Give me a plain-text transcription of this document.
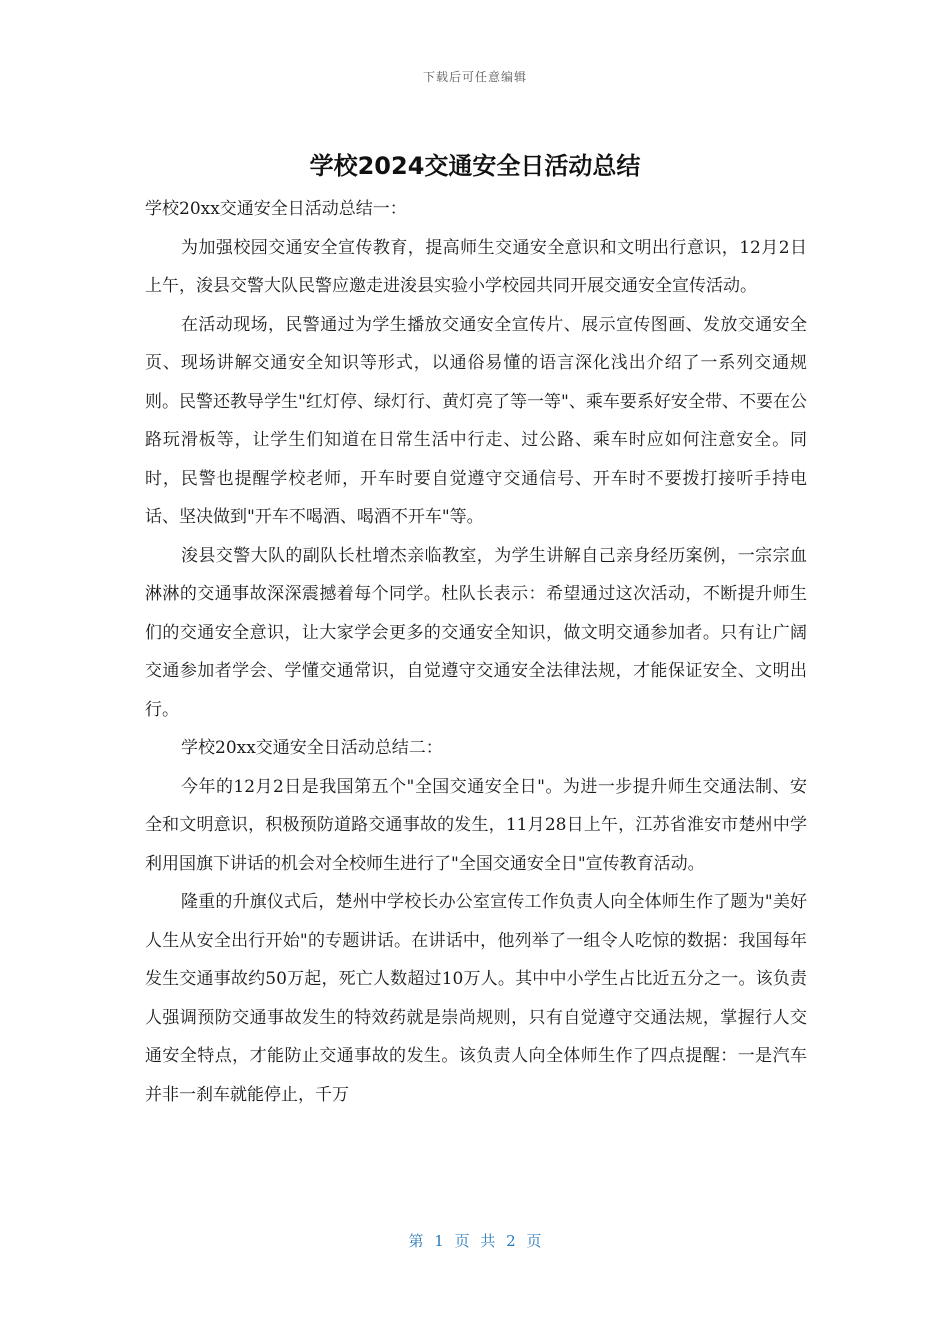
下载后可任意编辑
学校2024交通安全日活动总结

学校20xx交通安全日活动总结一：

为加强校园交通安全宣传教育，提高师生交通安全意识和文明出行意识，12月2日上午，浚县交警大队民警应邀走进浚县实验小学校园共同开展交通安全宣传活动。

在活动现场，民警通过为学生播放交通安全宣传片、展示宣传图画、发放交通安全页、现场讲解交通安全知识等形式，以通俗易懂的语言深化浅出介绍了一系列交通规则。民警还教导学生"红灯停、绿灯行、黄灯亮了等一等"、乘车要系好安全带、不要在公路玩滑板等，让学生们知道在日常生活中行走、过公路、乘车时应如何注意安全。同时，民警也提醒学校老师，开车时要自觉遵守交通信号、开车时不要拨打接听手持电话、坚决做到"开车不喝酒、喝酒不开车"等。

浚县交警大队的副队长杜增杰亲临教室，为学生讲解自己亲身经历案例，一宗宗血淋淋的交通事故深深震撼着每个同学。杜队长表示：希望通过这次活动，不断提升师生们的交通安全意识，让大家学会更多的交通安全知识，做文明交通参加者。只有让广阔交通参加者学会、学懂交通常识，自觉遵守交通安全法律法规，才能保证安全、文明出行。

学校20xx交通安全日活动总结二：

今年的12月2日是我国第五个"全国交通安全日"。为进一步提升师生交通法制、安全和文明意识，积极预防道路交通事故的发生，11月28日上午，江苏省淮安市楚州中学利用国旗下讲话的机会对全校师生进行了"全国交通安全日"宣传教育活动。

隆重的升旗仪式后，楚州中学校长办公室宣传工作负责人向全体师生作了题为"美好人生从安全出行开始"的专题讲话。在讲话中，他列举了一组令人吃惊的数据：我国每年发生交通事故约50万起，死亡人数超过10万人。其中中小学生占比近五分之一。该负责人强调预防交通事故发生的特效药就是崇尚规则，只有自觉遵守交通法规，掌握行人交通安全特点，才能防止交通事故的发生。该负责人向全体师生作了四点提醒：一是汽车并非一刹车就能停止，千万

第 1 页 共 2 页
